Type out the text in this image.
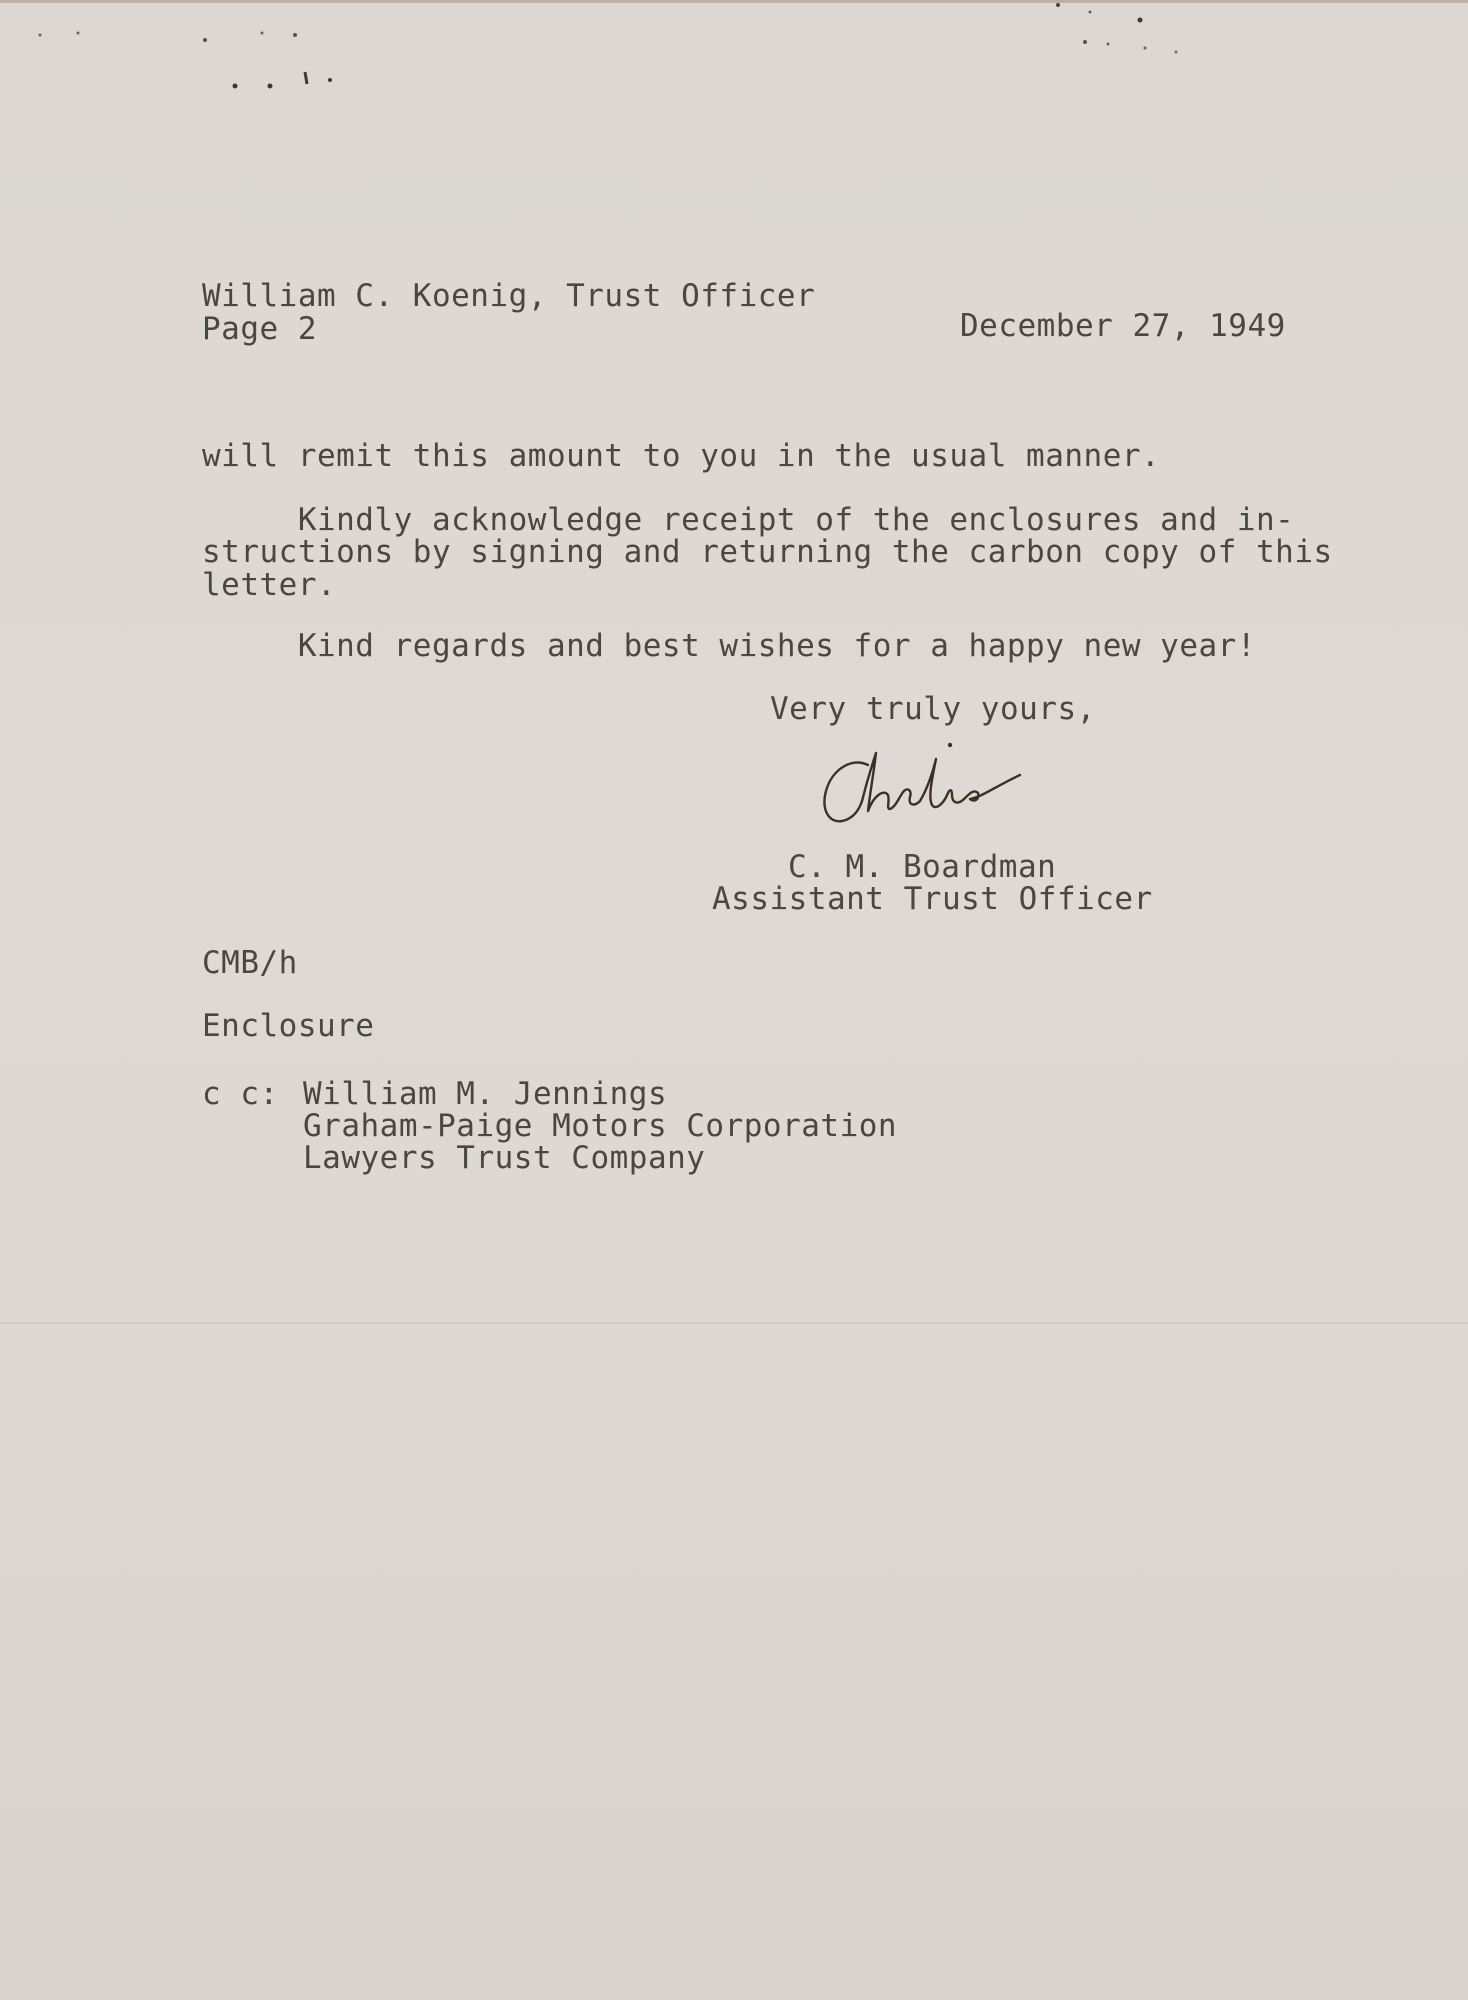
William C. Koenig, Trust Officer

Page 2	December 27, 1949

will remit this amount to you in the usual manner.

Kindly acknowledge receipt of the enclosures and in-

structions by signing and returning the carbon copy of this

letter.

Kind regards and best wishes for a happy new year!

Very truly yours,

C. M. Boardman

Assistant Trust Officer

CMB/h

Enclosure

c c: William M. Jennings

Graham-Paige Motors Corporation

Lawyers Trust Company
